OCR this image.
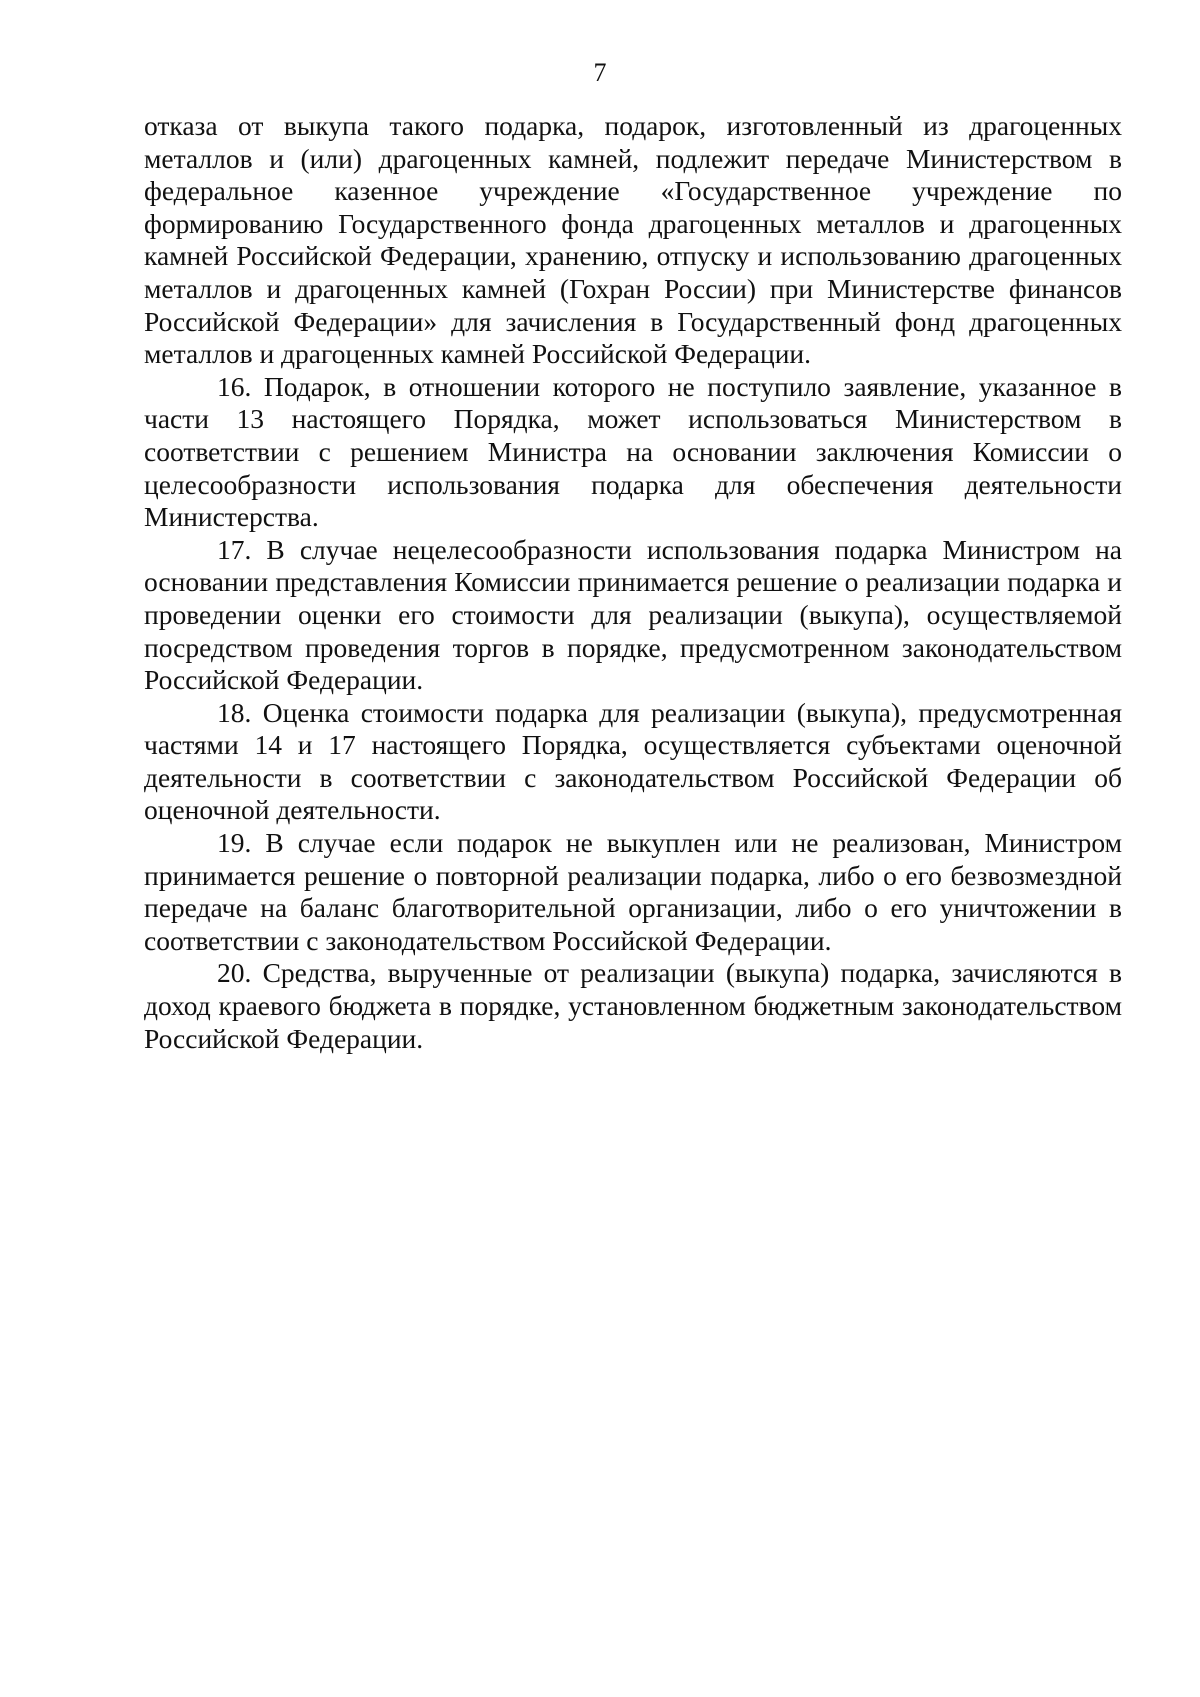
7

отказа от выкупа такого подарка, подарок, изготовленный из драгоценных металлов и (или) драгоценных камней, подлежит передаче Министерством в федеральное казенное учреждение «Государственное учреждение по формированию Государственного фонда драгоценных металлов и драгоценных камней Российской Федерации, хранению, отпуску и использованию драгоценных металлов и драгоценных камней (Гохран России) при Министерстве финансов Российской Федерации» для зачисления в Государственный фонд драгоценных металлов и драгоценных камней Российской Федерации.

16. Подарок, в отношении которого не поступило заявление, указанное в части 13 настоящего Порядка, может использоваться Министерством в соответствии с решением Министра на основании заключения Комиссии о целесообразности использования подарка для обеспечения деятельности Министерства.

17. В случае нецелесообразности использования подарка Министром на основании представления Комиссии принимается решение о реализации подарка и проведении оценки его стоимости для реализации (выкупа), осуществляемой посредством проведения торгов в порядке, предусмотренном законодательством Российской Федерации.

18. Оценка стоимости подарка для реализации (выкупа), предусмотренная частями 14 и 17 настоящего Порядка, осуществляется субъектами оценочной деятельности в соответствии с законодательством Российской Федерации об оценочной деятельности.

19. В случае если подарок не выкуплен или не реализован, Министром принимается решение о повторной реализации подарка, либо о его безвозмездной передаче на баланс благотворительной организации, либо о его уничтожении в соответствии с законодательством Российской Федерации.

20. Средства, вырученные от реализации (выкупа) подарка, зачисляются в доход краевого бюджета в порядке, установленном бюджетным законодательством Российской Федерации.
